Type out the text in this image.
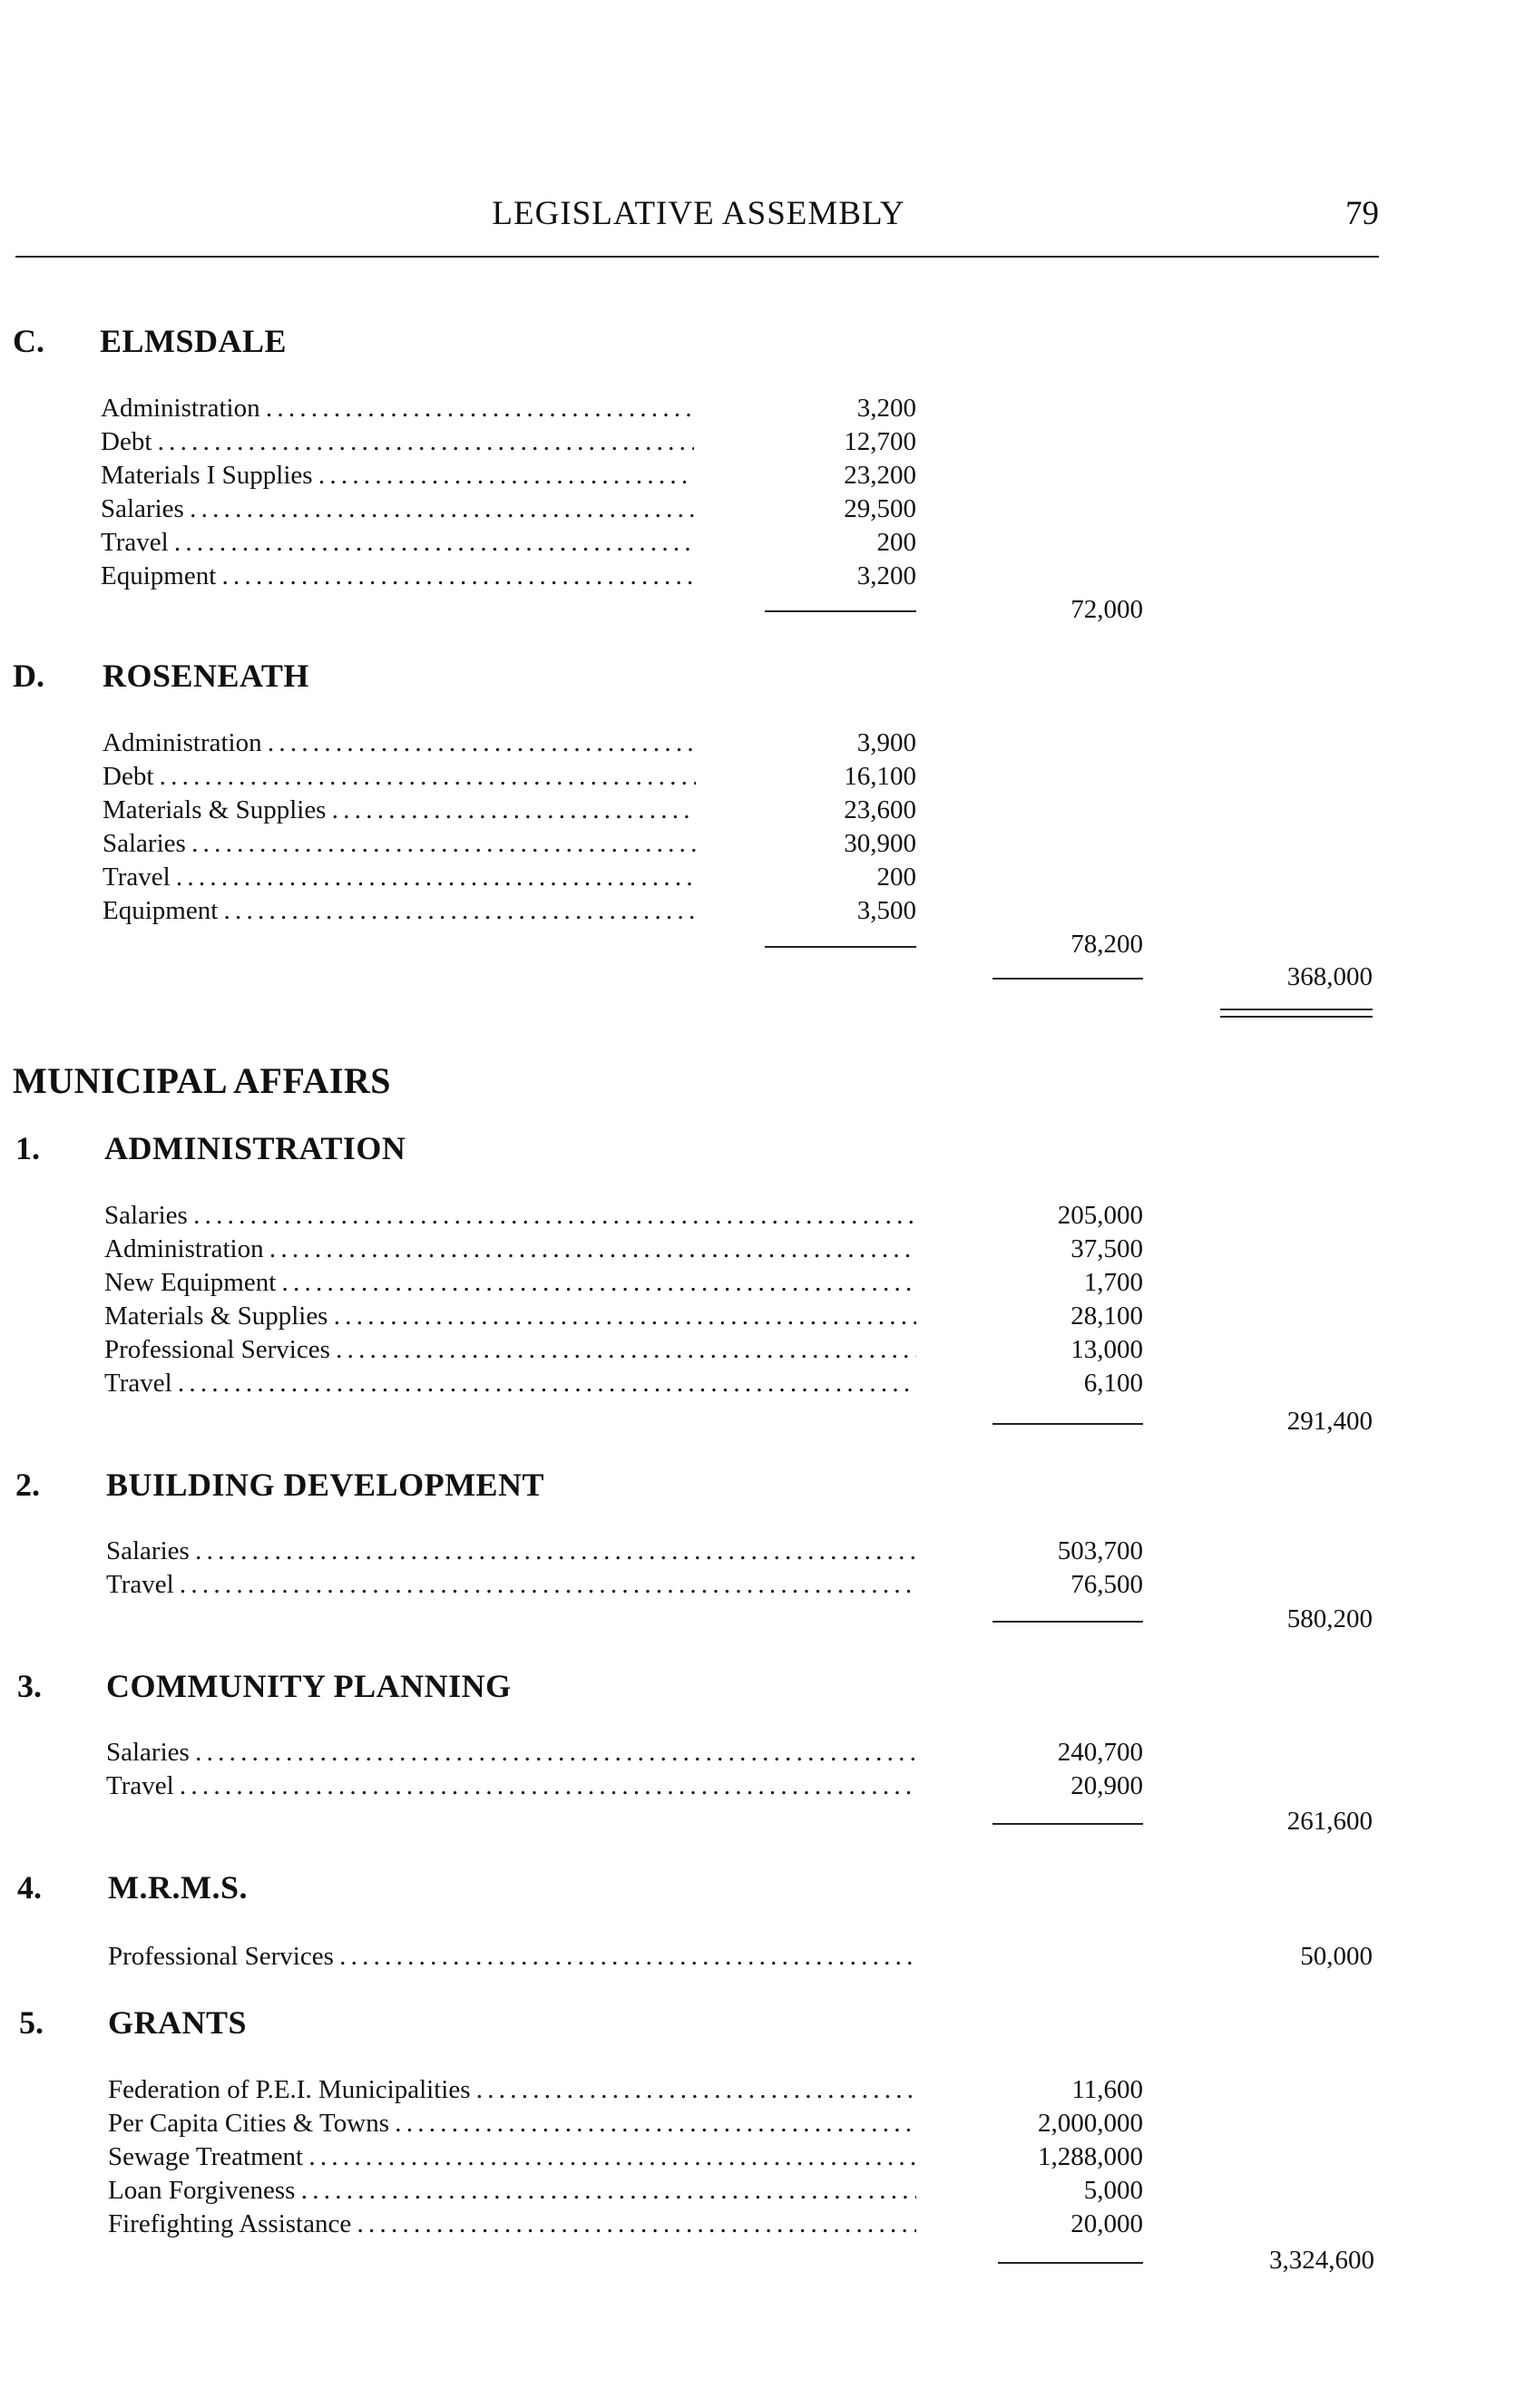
LEGISLATIVE ASSEMBLY	79
C. ELMSDALE
Administration . . .	3,200
Debt . . .	12,700
Materials I Supplies . . .	23,200
Salaries . . .	29,500
Travel . . .	200
Equipment . . .	3,200
72,000
D. ROSENEATH
Administration . . .	3,900
Debt . . .	16,100
Materials & Supplies . . .	23,600
Salaries . . .	30,900
Travel . . .	200
Equipment . . .	3,500
78,200
368,000
MUNICIPAL AFFAIRS
1. ADMINISTRATION
Salaries . . .	205,000
Administration . . .	37,500
New Equipment . . .	1,700
Materials & Supplies . . .	28,100
Professional Services . . .	13,000
Travel . . .	6,100
291,400
2. BUILDING DEVELOPMENT
Salaries . . .	503,700
Travel . . .	76,500
580,200
3. COMMUNITY PLANNING
Salaries . . .	240,700
Travel . . .	20,900
261,600
4. M.R.M.S.
Professional Services . . .	50,000
5. GRANTS
Federation of P.E.I. Municipalities . . .	11,600
Per Capita Cities & Towns . . .	2,000,000
Sewage Treatment . . .	1,288,000
Loan Forgiveness . . .	5,000
Firefighting Assistance . . .	20,000
3,324,600
